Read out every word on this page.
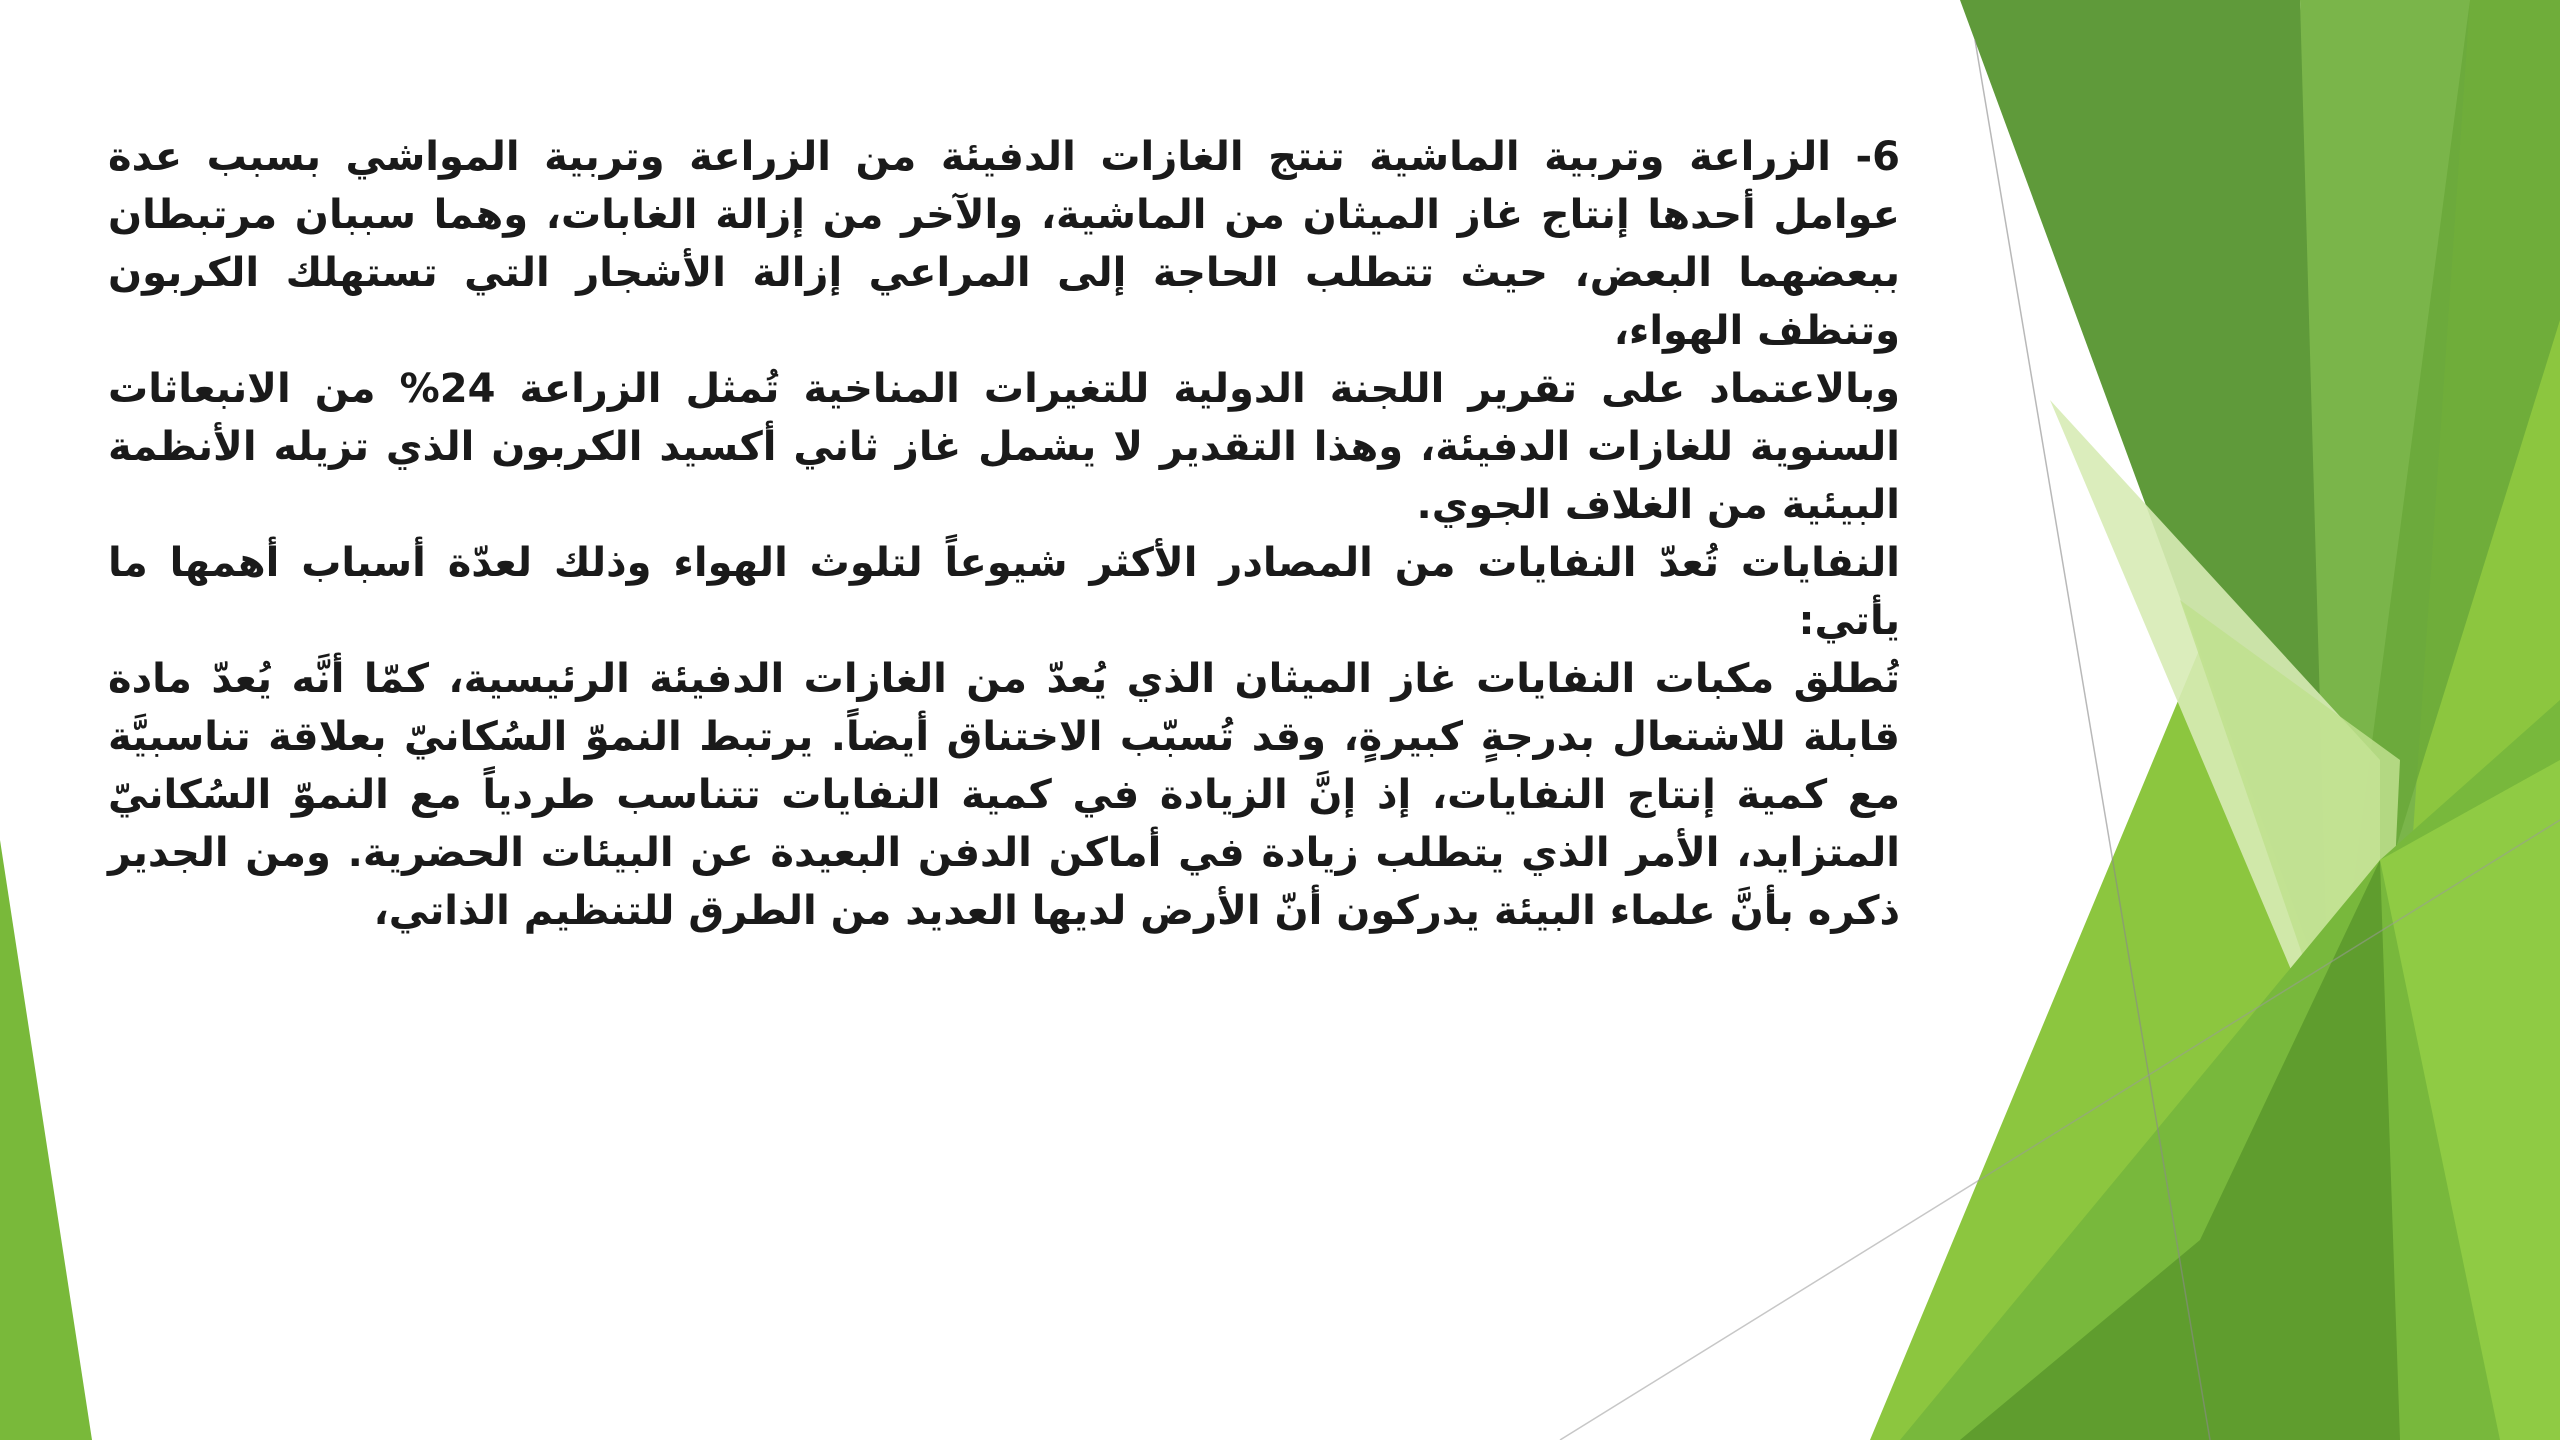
6- الزراعة وتربية الماشية تنتج الغازات الدفيئة من الزراعة وتربية المواشي بسبب عدة عوامل أحدها إنتاج غاز الميثان من الماشية، والآخر من إزالة الغابات، وهما سببان مرتبطان ببعضهما البعض، حيث تتطلب الحاجة إلى المراعي إزالة الأشجار التي تستهلك الكربون وتنظف الهواء،

وبالاعتماد على تقرير اللجنة الدولية للتغيرات المناخية تُمثل الزراعة 24% من الانبعاثات السنوية للغازات الدفيئة، وهذا التقدير لا يشمل غاز ثاني أكسيد الكربون الذي تزيله الأنظمة البيئية من الغلاف الجوي.

النفايات تُعدّ النفايات من المصادر الأكثر شيوعاً لتلوث الهواء وذلك لعدّة أسباب أهمها ما يأتي:

تُطلق مكبات النفايات غاز الميثان الذي يُعدّ من الغازات الدفيئة الرئيسية، كمّا أنَّه يُعدّ مادة قابلة للاشتعال بدرجةٍ كبيرةٍ، وقد تُسبّب الاختناق أيضاً. يرتبط النموّ السُكانيّ بعلاقة تناسبيَّة مع كمية إنتاج النفايات، إذ إنَّ الزيادة في كمية النفايات تتناسب طردياً مع النموّ السُكانيّ المتزايد، الأمر الذي يتطلب زيادة في أماكن الدفن البعيدة عن البيئات الحضرية. ومن الجدير ذكره بأنَّ علماء البيئة يدركون أنّ الأرض لديها العديد من الطرق للتنظيم الذاتي،
